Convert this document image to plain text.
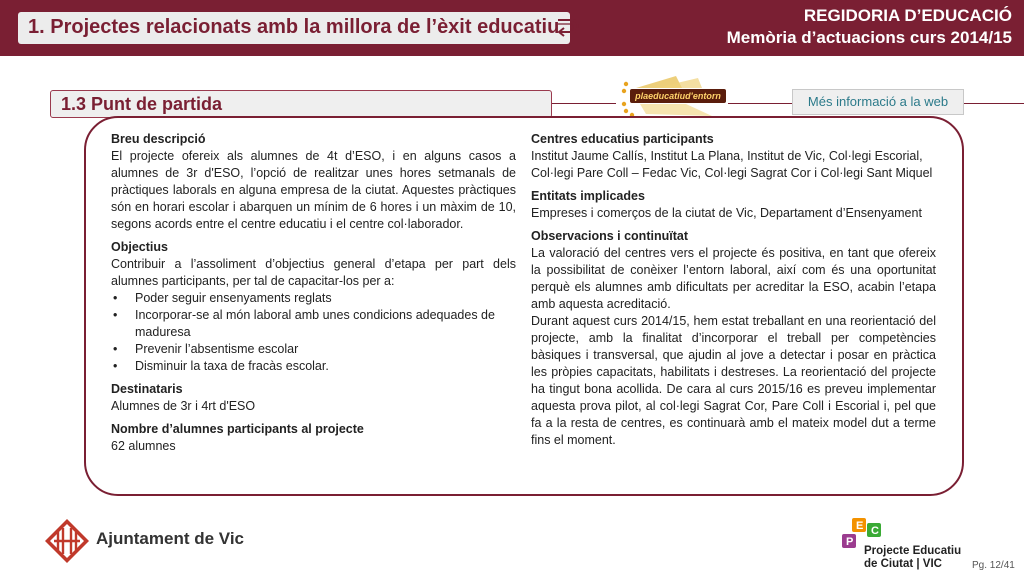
1. Projectes relacionats amb la millora de l’èxit educatiu
REGIDORIA D’EDUCACIÓ
Memòria d’actuacions curs 2014/15
1.3 Punt de partida	plaeducatiud'entorn	Més informació a la web
Breu descripció

El projecte ofereix als alumnes de 4t d’ESO, i en alguns casos a alumnes de 3r d'ESO, l’opció de realitzar unes hores setmanals de pràctiques laborals en alguna empresa de la ciutat. Aquestes pràctiques són en horari escolar i abarquen un mínim de 6 hores i un màxim de 10, segons acords entre el centre educatiu i el centre col·laborador.

Objectius

Contribuir a l’assoliment d’objectius general d’etapa per part dels alumnes participants, per tal de capacitar-los per a:

• Poder seguir ensenyaments reglats
• Incorporar-se al món laboral amb unes condicions adequades de maduresa
• Prevenir l’absentisme escolar
• Disminuir la taxa de fracàs escolar.
Destinataris

Alumnes de 3r i 4rt d'ESO

Nombre d’alumnes participants al projecte

62 alumnes

Centres educatius participants

Institut Jaume Callís, Institut La Plana, Institut de Vic, Col·legi Escorial, Col·legi Pare Coll – Fedac Vic, Col·legi Sagrat Cor i Col·legi Sant Miquel

Entitats implicades

Empreses i comerços de la ciutat de Vic, Departament d’Ensenyament

Observacions i continuïtat

La valoració del centres vers el projecte és positiva, en tant que ofereix la possibilitat de conèixer l’entorn laboral, així com és una oportunitat perquè els alumnes amb dificultats per acreditar la ESO, acabin l’etapa amb aquesta acreditació.

Durant aquest curs 2014/15, hem estat treballant en una reorientació del projecte, amb la finalitat d’incorporar el treball per competències bàsiques i transversal, que ajudin al jove a detectar i posar en pràctica les pròpies capacitats, habilitats i destreses. La reorientació del projecte ha tingut bona acollida. De cara al curs 2015/16 es preveu implementar aquesta prova pilot, al col·legi Sagrat Cor, Pare Coll i Escorial i, pel que fa a la resta de centres, es continuarà amb el mateix model dut a terme fins el moment.

Ajuntament de Vic
E C
P
Projecte Educatiu
de Ciutat | VIC	Pg. 12/41
